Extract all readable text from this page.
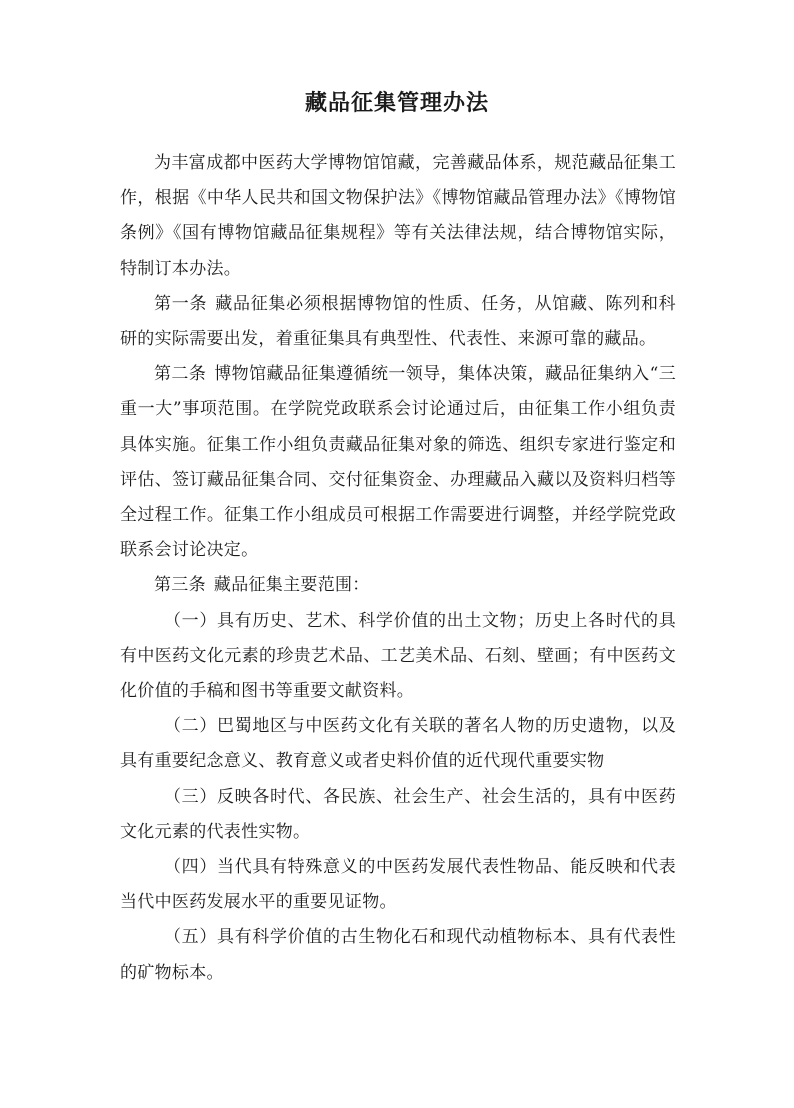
藏品征集管理办法

为丰富成都中医药大学博物馆馆藏，完善藏品体系，规范藏品征集工作，根据《中华人民共和国文物保护法》《博物馆藏品管理办法》《博物馆条例》《国有博物馆藏品征集规程》等有关法律法规，结合博物馆实际，特制订本办法。

第一条 藏品征集必须根据博物馆的性质、任务，从馆藏、陈列和科研的实际需要出发，着重征集具有典型性、代表性、来源可靠的藏品。

第二条 博物馆藏品征集遵循统一领导，集体决策，藏品征集纳入“三重一大”事项范围。在学院党政联系会讨论通过后，由征集工作小组负责具体实施。征集工作小组负责藏品征集对象的筛选、组织专家进行鉴定和评估、签订藏品征集合同、交付征集资金、办理藏品入藏以及资料归档等全过程工作。征集工作小组成员可根据工作需要进行调整，并经学院党政联系会讨论决定。

第三条 藏品征集主要范围：

（一）具有历史、艺术、科学价值的出土文物；历史上各时代的具有中医药文化元素的珍贵艺术品、工艺美术品、石刻、壁画；有中医药文化价值的手稿和图书等重要文献资料。

（二）巴蜀地区与中医药文化有关联的著名人物的历史遗物，以及具有重要纪念意义、教育意义或者史料价值的近代现代重要实物

（三）反映各时代、各民族、社会生产、社会生活的，具有中医药文化元素的代表性实物。

（四）当代具有特殊意义的中医药发展代表性物品、能反映和代表当代中医药发展水平的重要见证物。

（五）具有科学价值的古生物化石和现代动植物标本、具有代表性的矿物标本。
